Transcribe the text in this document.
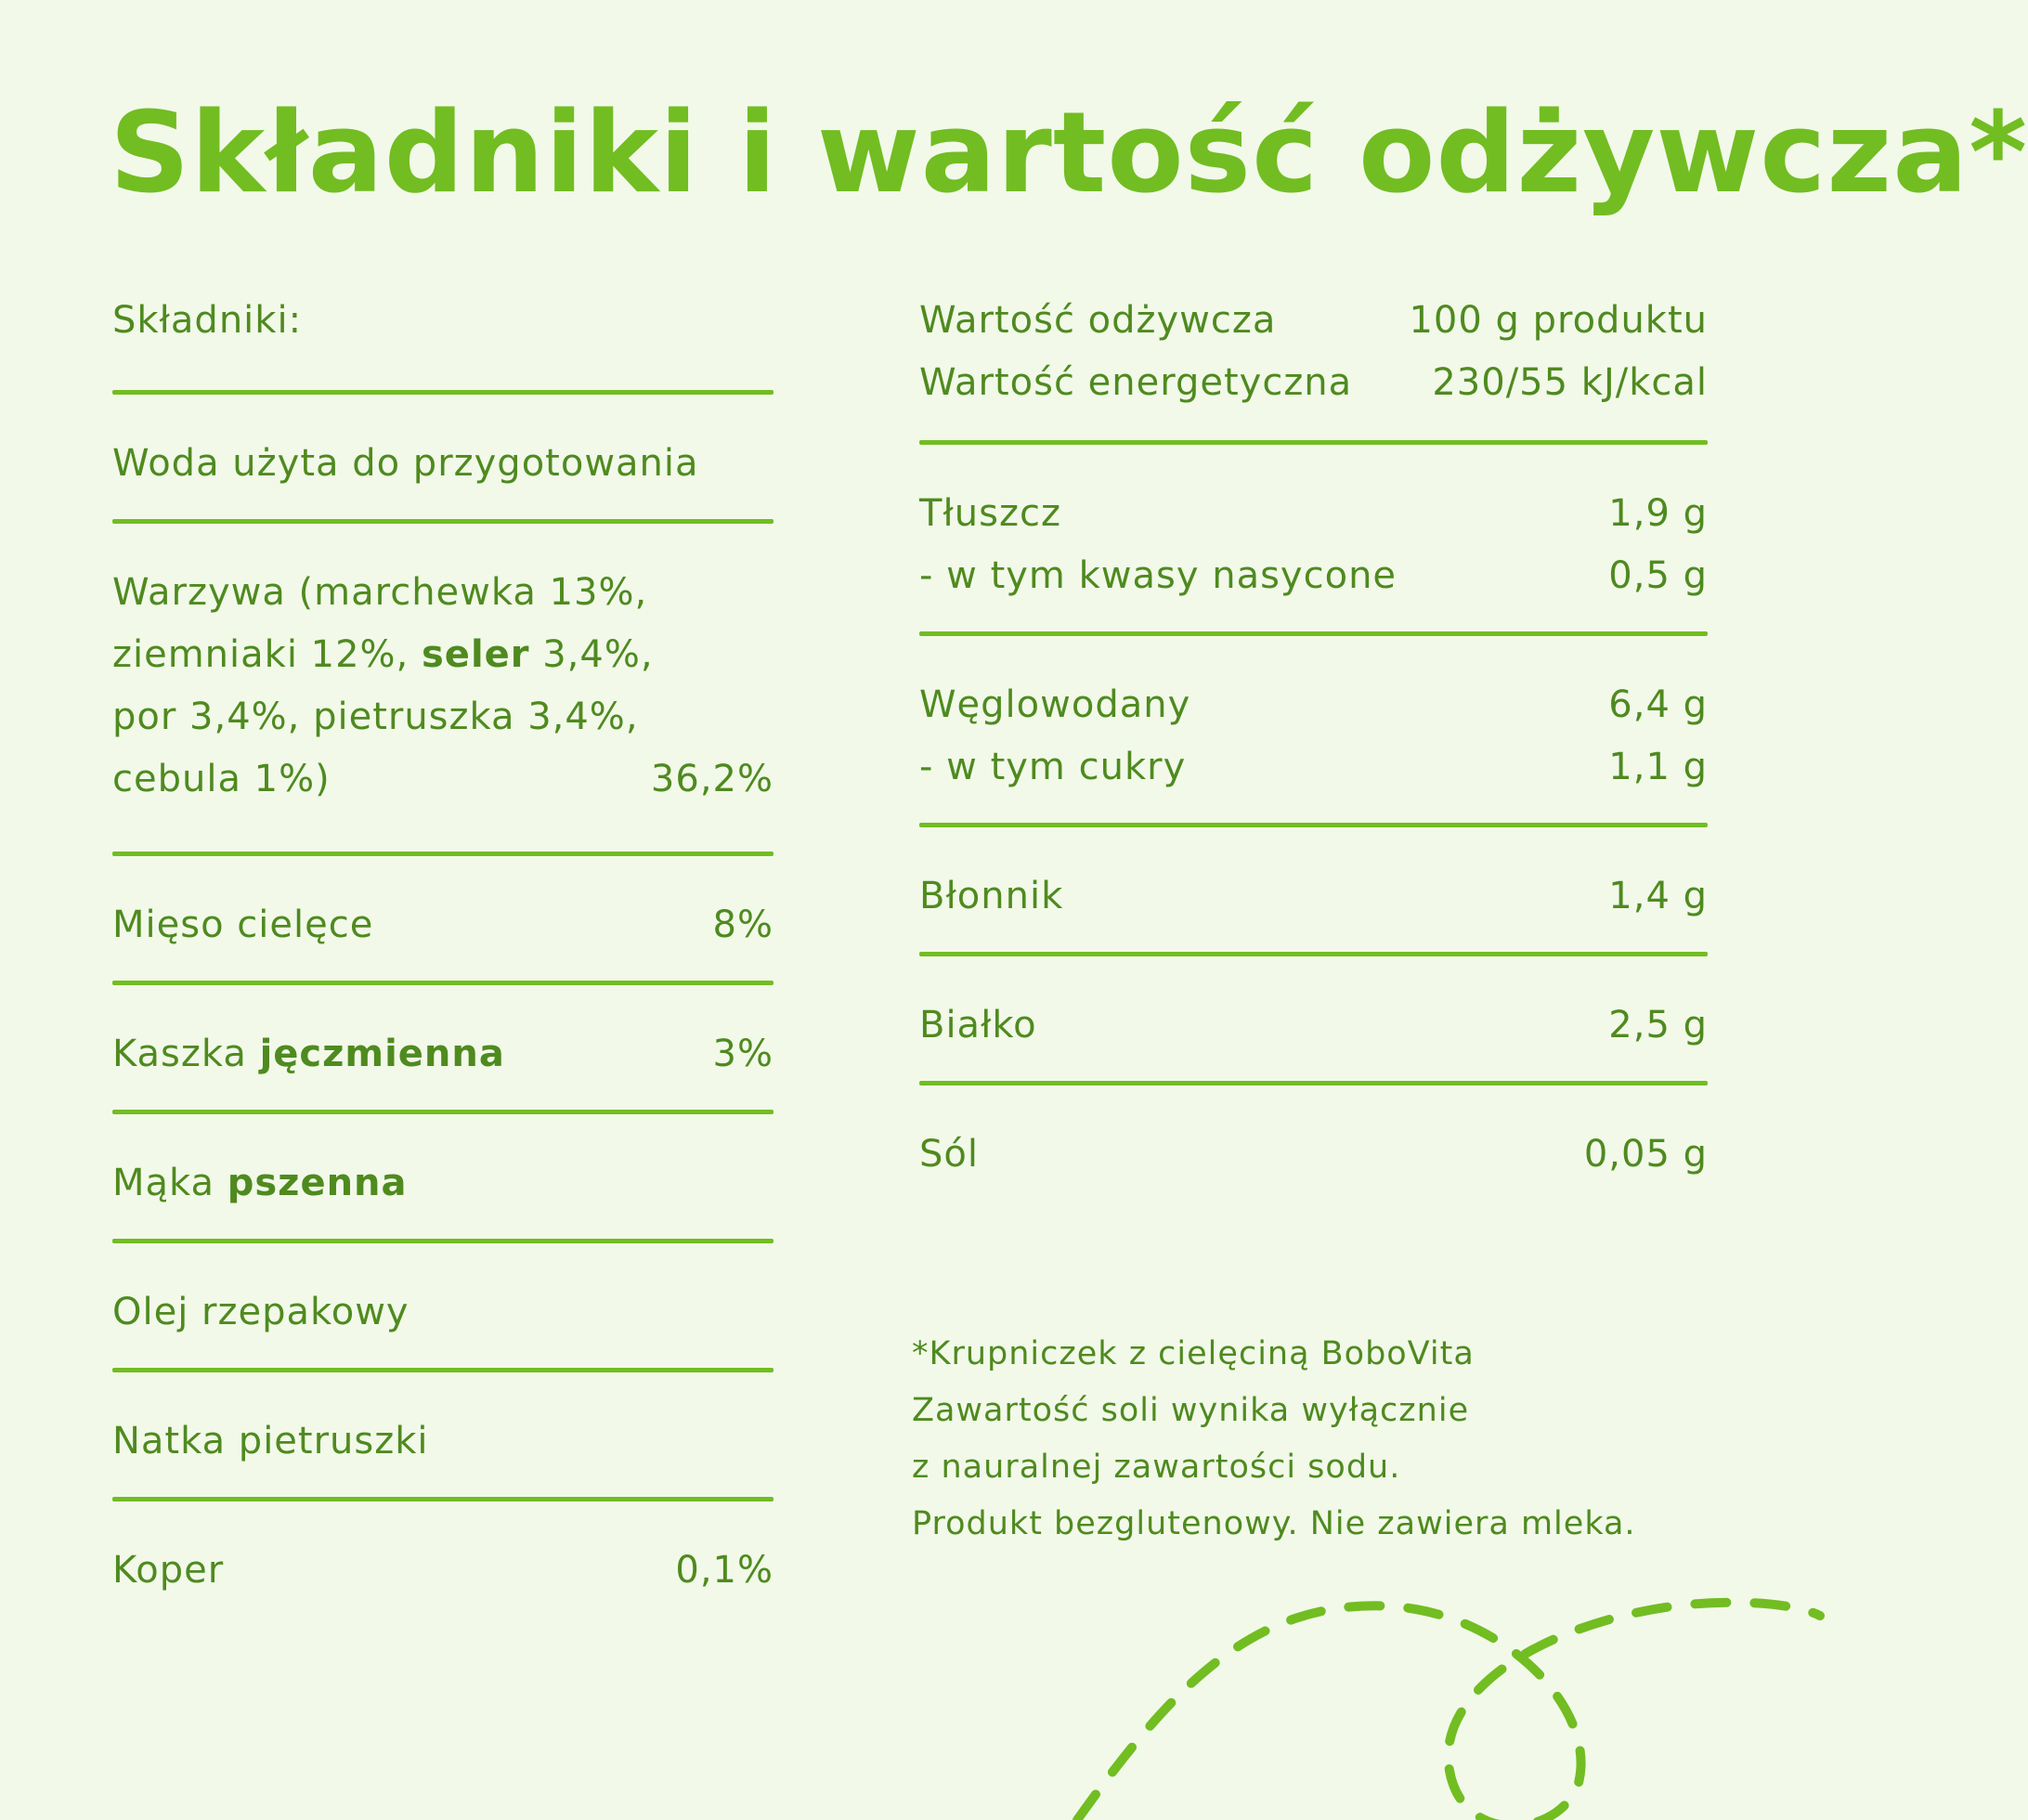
Składniki i wartość odżywcza*
Składniki:
Woda użyta do przygotowania
Warzywa (marchewka 13%,
ziemniaki 12%, seler 3,4%,
por 3,4%, pietruszka 3,4%,
cebula 1%)	36,2%
Mięso cielęce	8%
Kaszka jęczmienna	3%
Mąka pszenna
Olej rzepakowy
Natka pietruszki
Koper	0,1%
Wartość odżywcza	100 g produktu
Wartość energetyczna 230/55 kJ/kcal
Tłuszcz	1,9 g
- w tym kwasy nasycone	0,5 g
Węglowodany	6,4 g
- w tym cukry	1,1 g
Błonnik	1,4 g
Białko	2,5 g
Sól	0,05 g
*Krupniczek z cielęciną BoboVita
Zawartość soli wynika wyłącznie
z nauralnej zawartości sodu.
Produkt bezglutenowy. Nie zawiera mleka.
